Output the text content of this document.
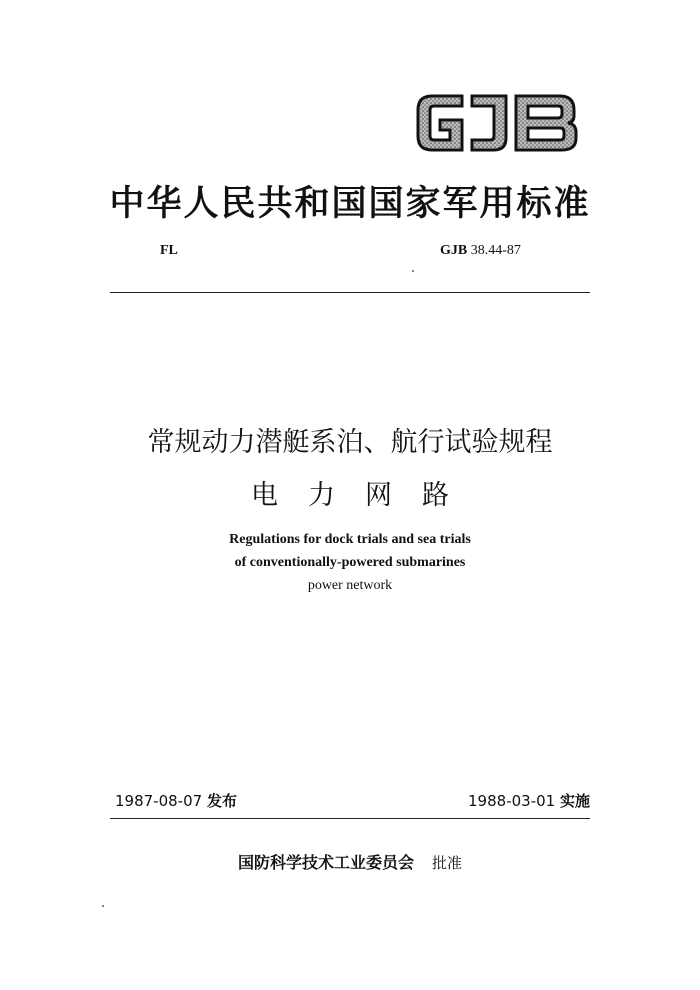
中华人民共和国国家军用标准
FL	GJB 38.44-87
常规动力潜艇系泊、航行试验规程
电力网路
Regulations for dock trials and sea trials
of conventionally-powered submarines
power network
1987-08-07 发布	1988-03-01 实施
国防科学技术工业委员会 批准
